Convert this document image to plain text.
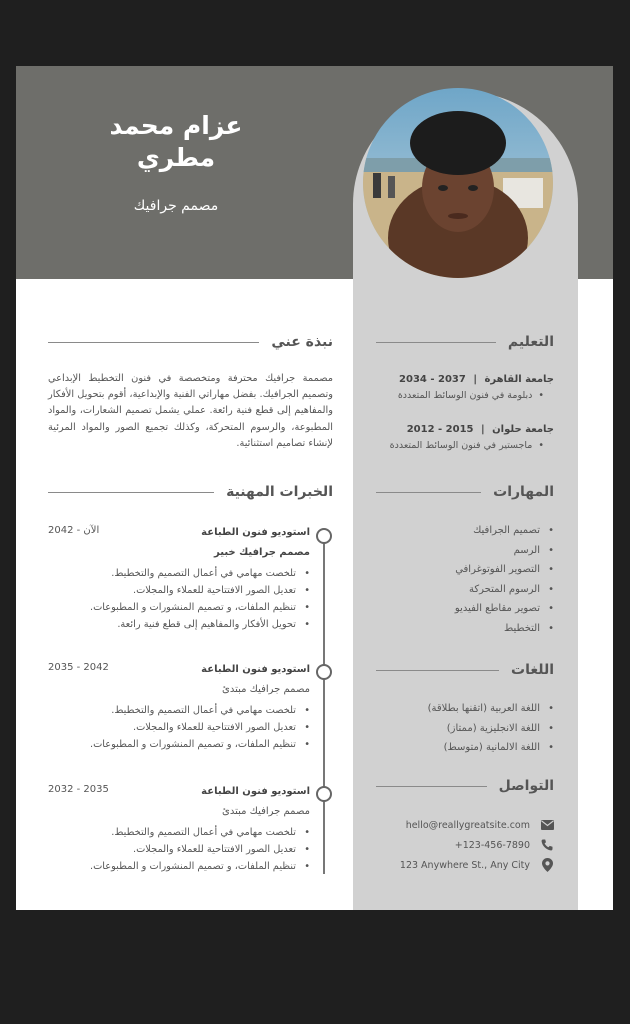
عزام محمد
مطري
مصمم جرافيك
نبذة عني
مصممة جرافيك محترفة ومتخصصة في فنون التخطيط الإبداعي وتصميم الجرافيك. بفضل مهاراتي الفنية والإبداعية، أقوم بتحويل الأفكار والمفاهيم إلى قطع فنية رائعة. عملي يشمل تصميم الشعارات، والمواد المطبوعة، والرسوم المتحركة، وكذلك تجميع الصور والمواد المرئية لإنشاء تصاميم استثنائية.
الخبرات المهنية
استوديو فنون الطباعة
2042 - الآن
مصمم جرافيك خبير
• تلخصت مهامي في أعمال التصميم والتخطيط.
• تعديل الصور الافتتاحية للعملاء والمجلات.
• تنظيم الملفات، و تصميم المنشورات و المطبوعات.
• تحويل الأفكار والمفاهيم إلى قطع فنية رائعة.
استوديو فنون الطباعة
2035 - 2042
مصمم جرافيك مبتدئ
• تلخصت مهامي في أعمال التصميم والتخطيط.
• تعديل الصور الافتتاحية للعملاء والمجلات.
• تنظيم الملفات، و تصميم المنشورات و المطبوعات.
استوديو فنون الطباعة
2032 - 2035
مصمم جرافيك مبتدئ
• تلخصت مهامي في أعمال التصميم والتخطيط.
• تعديل الصور الافتتاحية للعملاء والمجلات.
• تنظيم الملفات، و تصميم المنشورات و المطبوعات.
التعليم
جامعة القاهرة | 2034 - 2037
• دبلومة في فنون الوسائط المتعددة
جامعة حلوان | 2012 - 2015
• ماجستير في فنون الوسائط المتعددة
المهارات
• تصميم الجرافيك
• الرسم
• التصوير الفوتوغرافي
• الرسوم المتحركة
• تصوير مقاطع الفيديو
• التخطيط
اللغات
• اللغة العربية (اتقنها بطلاقة)
• اللغة الانجليزية (ممتاز)
• اللغة الالمانية (متوسط)
التواصل
hello@reallygreatsite.com
+123-456-7890
123 Anywhere St., Any City
